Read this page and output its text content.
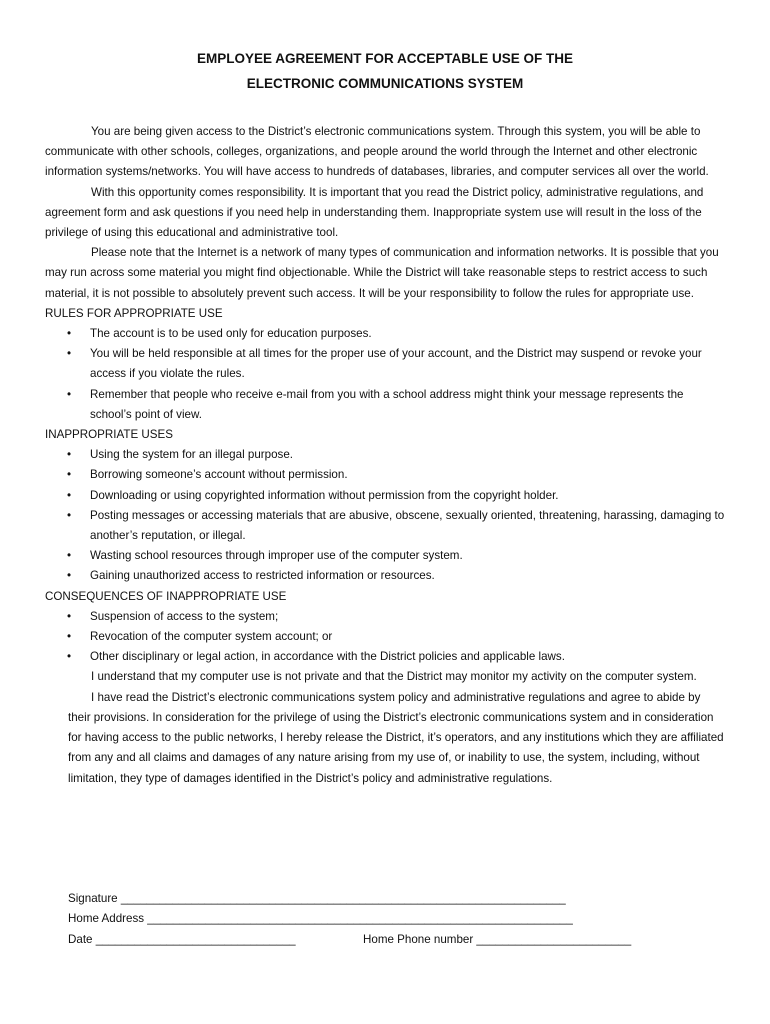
EMPLOYEE AGREEMENT FOR ACCEPTABLE USE OF THE
ELECTRONIC COMMUNICATIONS SYSTEM

You are being given access to the District’s electronic communications system. Through this system, you will be able to communicate with other schools, colleges, organizations, and people around the world through the Internet and other electronic information systems/networks. You will have access to hundreds of databases, libraries, and computer services all over the world.

With this opportunity comes responsibility. It is important that you read the District policy, administrative regulations, and agreement form and ask questions if you need help in understanding them. Inappropriate system use will result in the loss of the privilege of using this educational and administrative tool.

Please note that the Internet is a network of many types of communication and information networks. It is possible that you may run across some material you might find objectionable. While the District will take reasonable steps to restrict access to such material, it is not possible to absolutely prevent such access. It will be your responsibility to follow the rules for appropriate use.

RULES FOR APPROPRIATE USE

• The account is to be used only for education purposes.
• You will be held responsible at all times for the proper use of your account, and the District may suspend or revoke your access if you violate the rules.
• Remember that people who receive e-mail from you with a school address might think your message represents the school’s point of view.

INAPPROPRIATE USES

• Using the system for an illegal purpose.
• Borrowing someone’s account without permission.
• Downloading or using copyrighted information without permission from the copyright holder.
• Posting messages or accessing materials that are abusive, obscene, sexually oriented, threatening, harassing, damaging to another’s reputation, or illegal.
• Wasting school resources through improper use of the computer system.
• Gaining unauthorized access to restricted information or resources.

CONSEQUENCES OF INAPPROPRIATE USE

• Suspension of access to the system;
• Revocation of the computer system account; or
• Other disciplinary or legal action, in accordance with the District policies and applicable laws.

I understand that my computer use is not private and that the District may monitor my activity on the computer system.

I have read the District’s electronic communications system policy and administrative regulations and agree to abide by their provisions. In consideration for the privilege of using the District’s electronic communications system and in consideration for having access to the public networks, I hereby release the District, it’s operators, and any institutions which they are affiliated from any and all claims and damages of any nature arising from my use of, or inability to use, the system, including, without limitation, they type of damages identified in the District’s policy and administrative regulations.

Signature _____________________________________________________________________
Home Address __________________________________________________________________
Date _______________________________	Home Phone number ________________________
